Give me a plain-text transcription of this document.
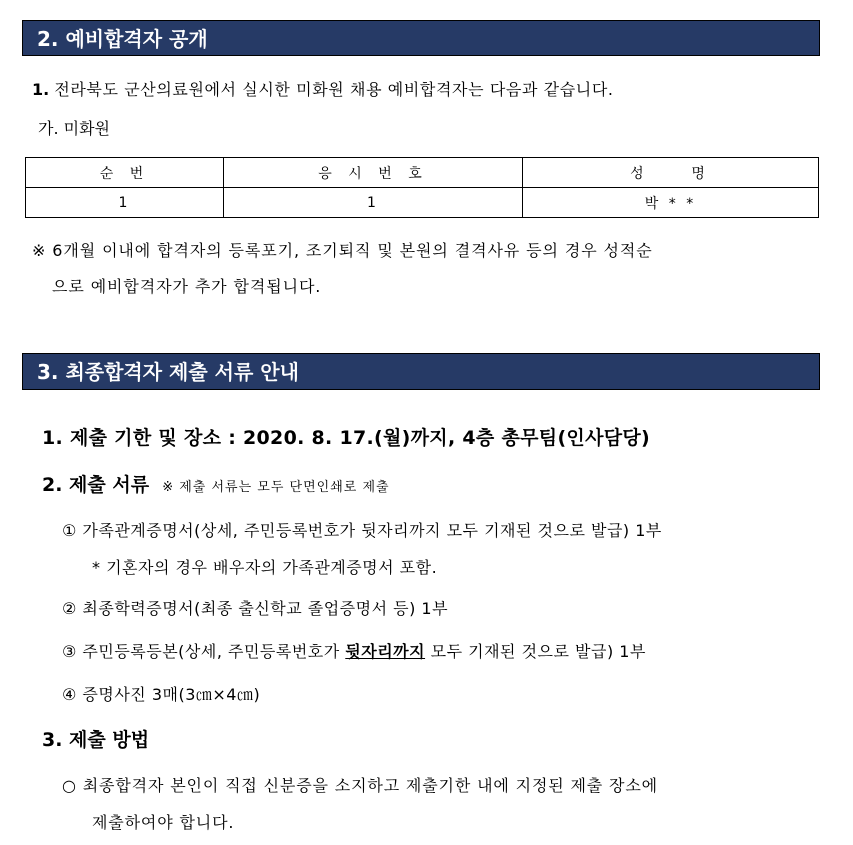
2. 예비합격자 공개
1. 전라북도 군산의료원에서 실시한 미화원 채용 예비합격자는 다음과 같습니다.
가. 미화원
순 번	응 시 번 호	성    명
1	1	박 * *
※ 6개월 이내에 합격자의 등록포기, 조기퇴직 및 본원의 결격사유 등의 경우 성적순
으로 예비합격자가 추가 합격됩니다.
3. 최종합격자 제출 서류 안내
1. 제출 기한 및 장소 : 2020. 8. 17.(월)까지, 4층 총무팀(인사담당)
2. 제출 서류 ※ 제출 서류는 모두 단면인쇄로 제출
① 가족관계증명서(상세, 주민등록번호가 뒷자리까지 모두 기재된 것으로 발급) 1부
* 기혼자의 경우 배우자의 가족관계증명서 포함.
② 최종학력증명서(최종 출신학교 졸업증명서 등) 1부
③ 주민등록등본(상세, 주민등록번호가 뒷자리까지 모두 기재된 것으로 발급) 1부
④ 증명사진 3매(3㎝×4㎝)
3. 제출 방법
○ 최종합격자 본인이 직접 신분증을 소지하고 제출기한 내에 지정된 제출 장소에
제출하여야 합니다.
